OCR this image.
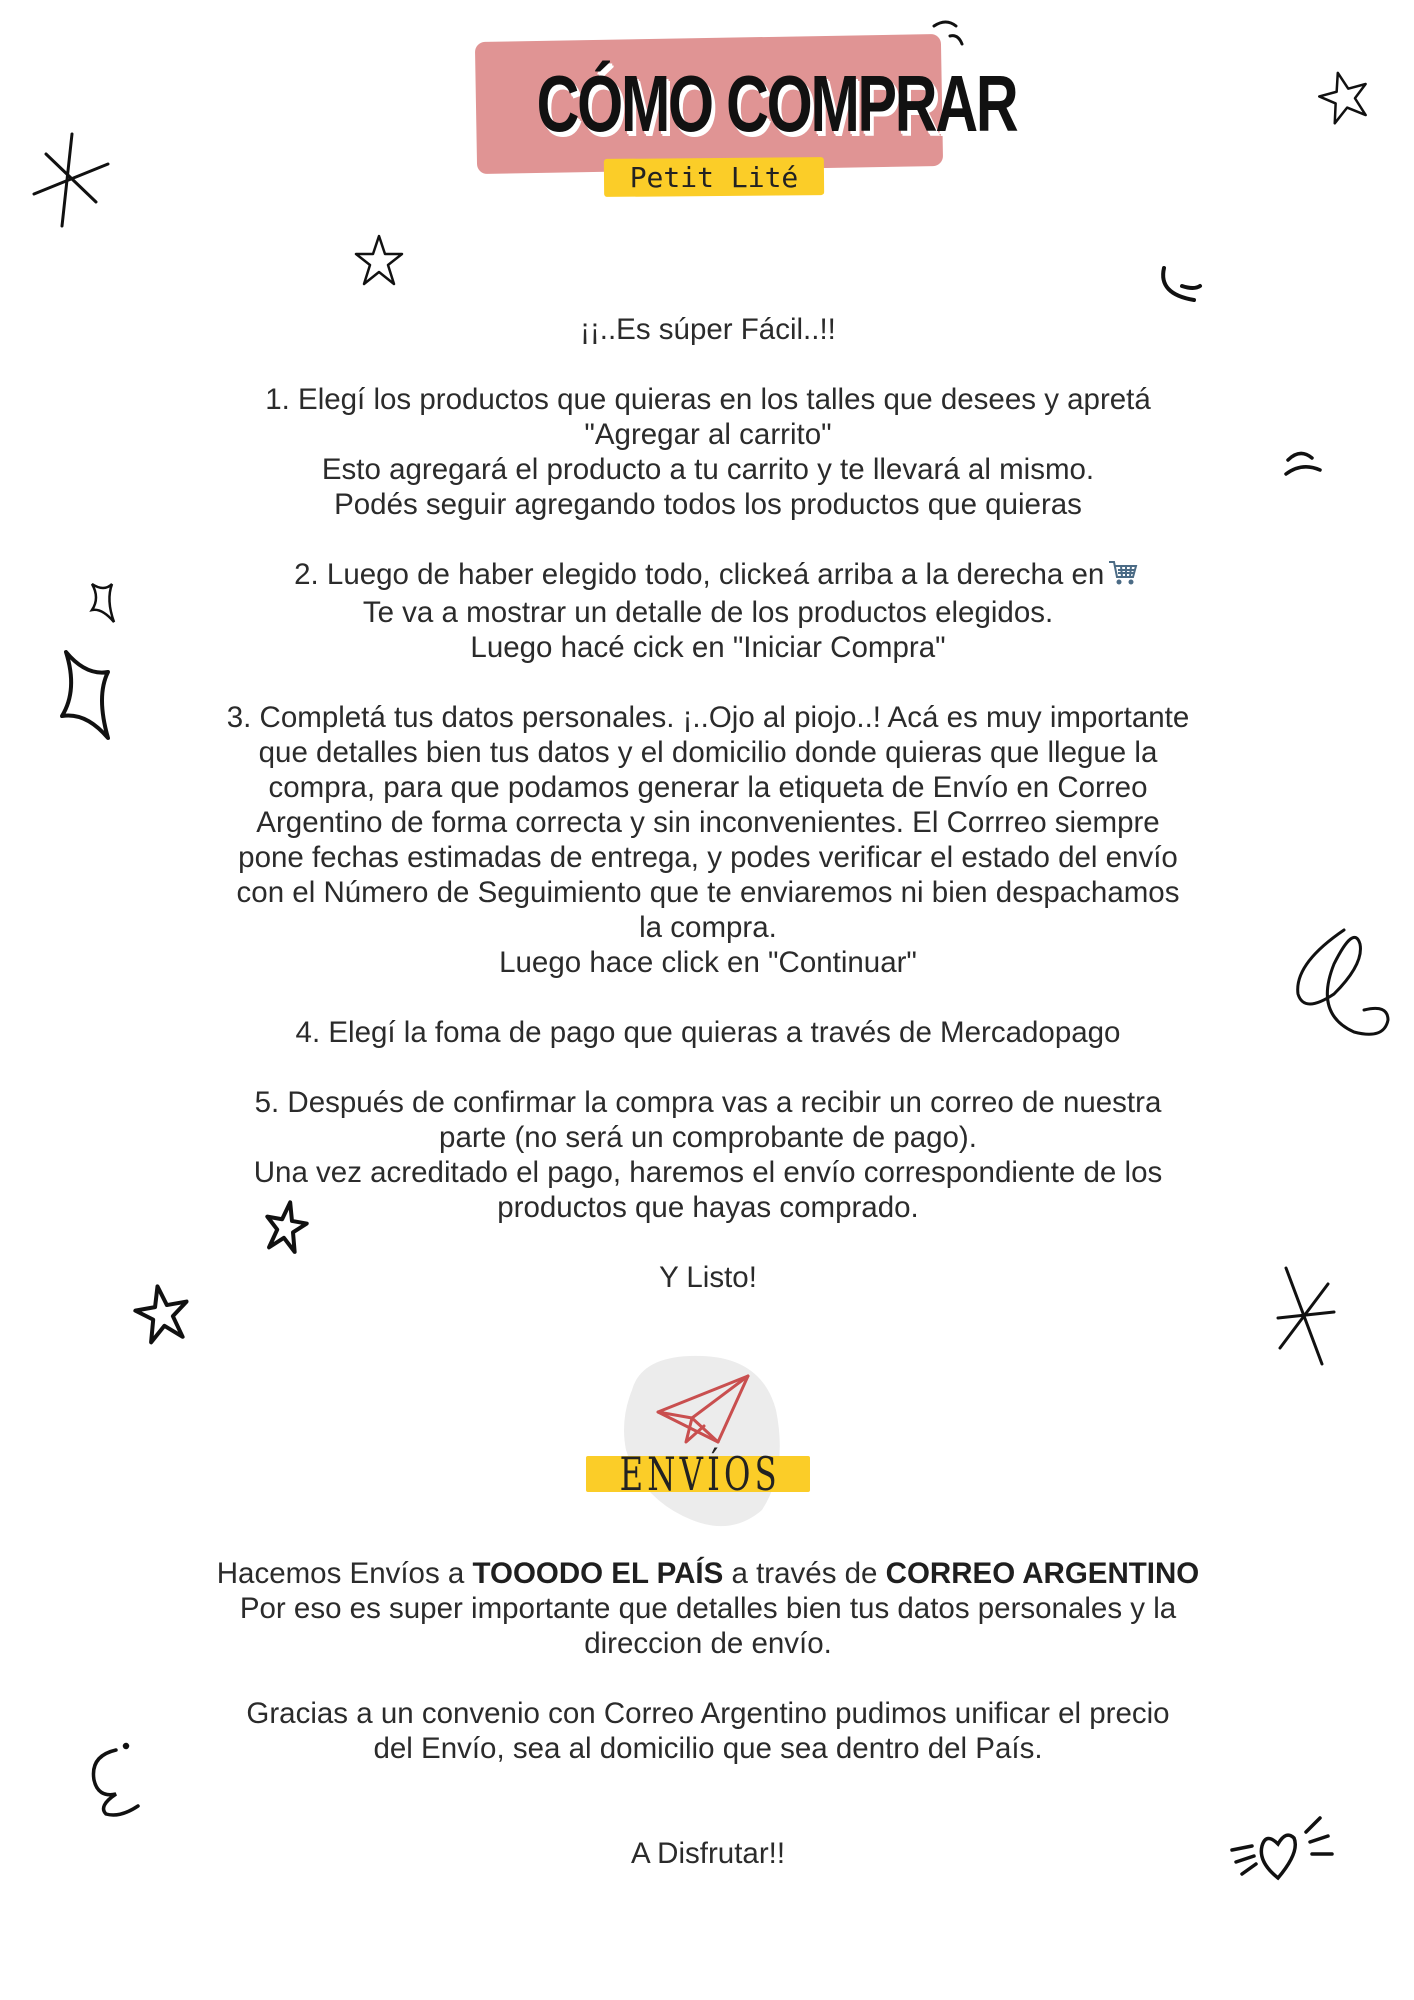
CÓMO COMPRAR
Petit Lité

¡¡..Es súper Fácil..!!

1. Elegí los productos que quieras en los talles que desees y apretá

"Agregar al carrito"

Esto agregará el producto a tu carrito y te llevará al mismo.

Podés seguir agregando todos los productos que quieras

2. Luego de haber elegido todo, clickeá arriba a la derecha en

Te va a mostrar un detalle de los productos elegidos.

Luego hacé cick en "Iniciar Compra"

3. Completá tus datos personales. ¡..Ojo al piojo..! Acá es muy importante

que detalles bien tus datos y el domicilio donde quieras que llegue la

compra, para que podamos generar la etiqueta de Envío en Correo

Argentino de forma correcta y sin inconvenientes. El Corrreo siempre

pone fechas estimadas de entrega, y podes verificar el estado del envío

con el Número de Seguimiento que te enviaremos ni bien despachamos

la compra.

Luego hace click en "Continuar"

4. Elegí la foma de pago que quieras a través de Mercadopago

5. Después de confirmar la compra vas a recibir un correo de nuestra

parte (no será un comprobante de pago).

Una vez acreditado el pago, haremos el envío correspondiente de los

productos que hayas comprado.

Y Listo!

ENVÍOS

Hacemos Envíos a TOOODO EL PAÍS a través de CORREO ARGENTINO

Por eso es super importante que detalles bien tus datos personales y la

direccion de envío.

Gracias a un convenio con Correo Argentino pudimos unificar el precio

del Envío, sea al domicilio que sea dentro del País.

A Disfrutar!!
